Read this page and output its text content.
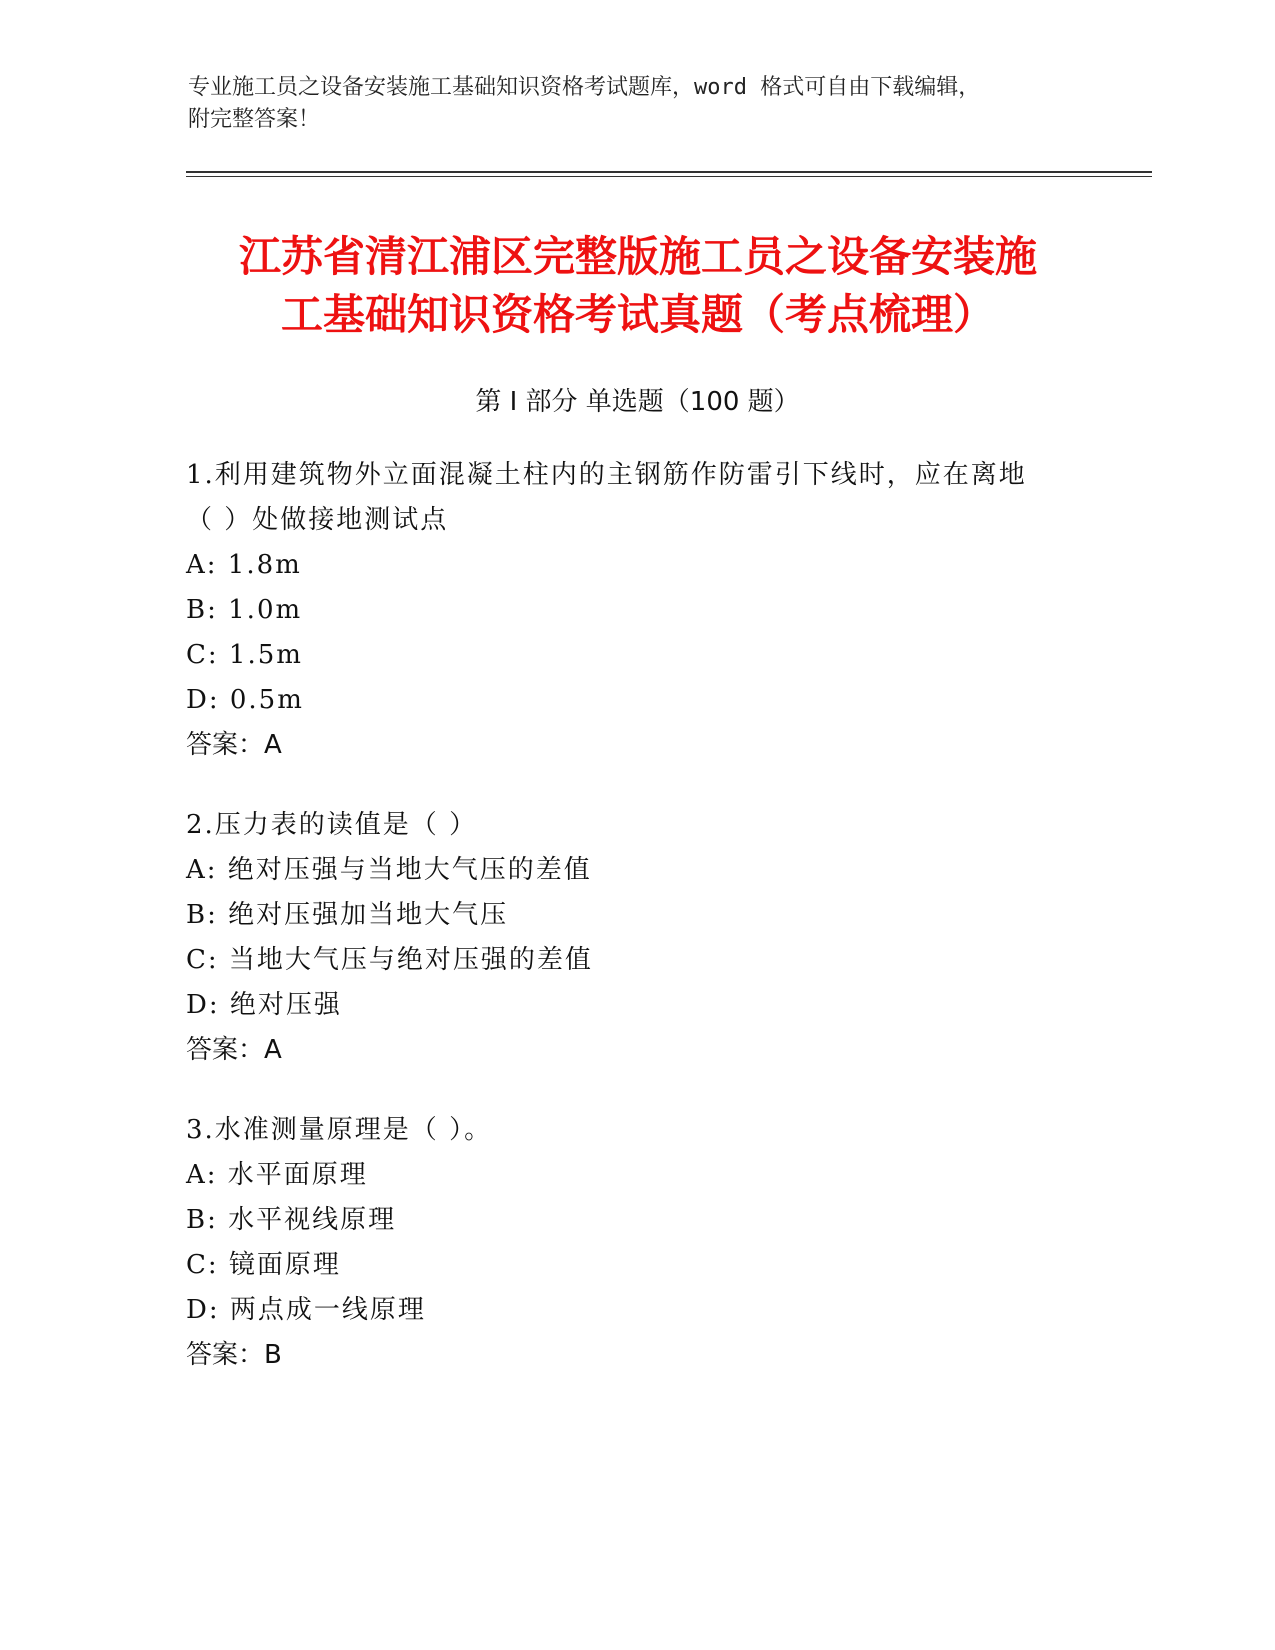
专业施工员之设备安装施工基础知识资格考试题库，word 格式可自由下载编辑，
附完整答案！
江苏省清江浦区完整版施工员之设备安装施
工基础知识资格考试真题（考点梳理）
第 I 部分 单选题（100 题）

1.利用建筑物外立面混凝土柱内的主钢筋作防雷引下线时，应在离地

（ ）处做接地测试点

A: 1.8m

B: 1.0m

C: 1.5m

D: 0.5m

答案：A

2.压力表的读值是（ ）

A: 绝对压强与当地大气压的差值

B: 绝对压强加当地大气压

C: 当地大气压与绝对压强的差值

D: 绝对压强

答案：A

3.水准测量原理是（ ）。

A: 水平面原理

B: 水平视线原理

C: 镜面原理

D: 两点成一线原理

答案：B
